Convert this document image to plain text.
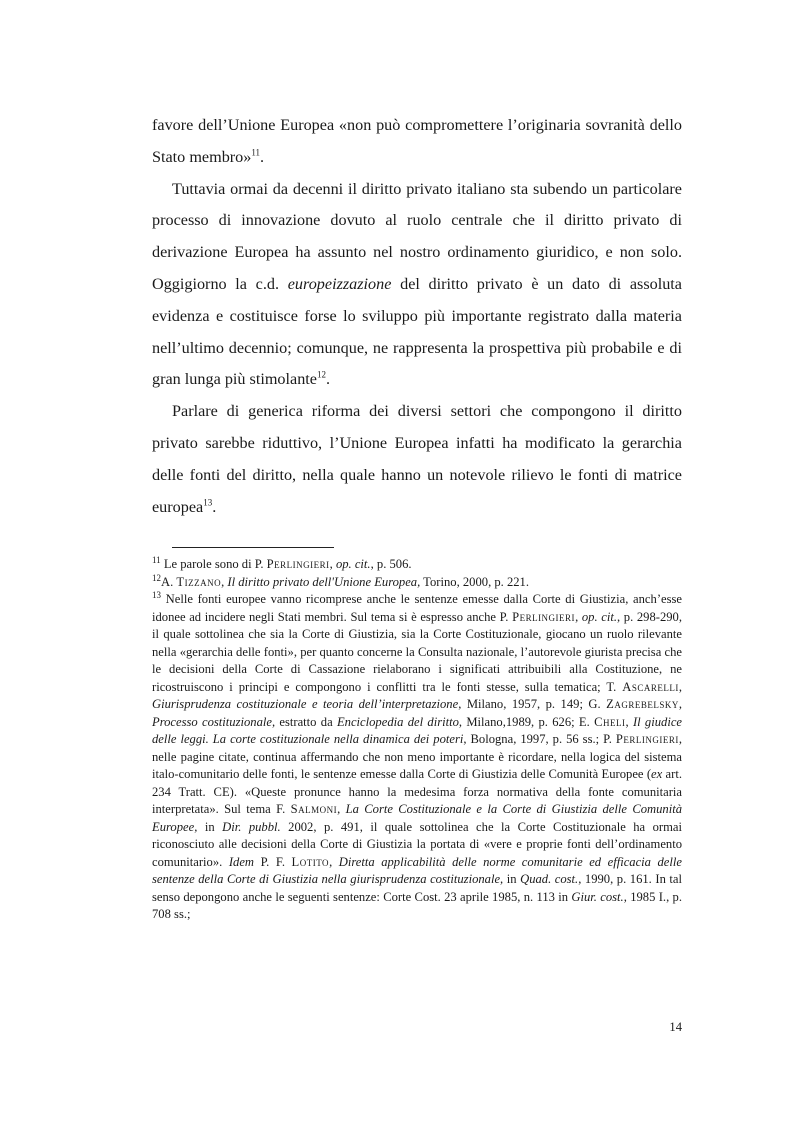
favore dell’Unione Europea «non può compromettere l’originaria sovranità dello Stato membro»$^{11}$.

Tuttavia ormai da decenni il diritto privato italiano sta subendo un particolare processo di innovazione dovuto al ruolo centrale che il diritto privato di derivazione Europea ha assunto nel nostro ordinamento giuridico, e non solo. Oggigiorno la c.d. europeizzazione del diritto privato è un dato di assoluta evidenza e costituisce forse lo sviluppo più importante registrato dalla materia nell’ultimo decennio; comunque, ne rappresenta la prospettiva più probabile e di gran lunga più stimolante$^{12}$.

Parlare di generica riforma dei diversi settori che compongono il diritto privato sarebbe riduttivo, l’Unione Europea infatti ha modificato la gerarchia delle fonti del diritto, nella quale hanno un notevole rilievo le fonti di matrice europea$^{13}$.

$^{11}$ Le parole sono di P. Perlingieri, op. cit., p. 506.

$^{12}$A. Tizzano, Il diritto privato dell'Unione Europea, Torino, 2000, p. 221.

$^{13}$ Nelle fonti europee vanno ricomprese anche le sentenze emesse dalla Corte di Giustizia, anch’esse idonee ad incidere negli Stati membri. Sul tema si è espresso anche P. Perlingieri, op. cit., p. 298-290, il quale sottolinea che sia la Corte di Giustizia, sia la Corte Costituzionale, giocano un ruolo rilevante nella «gerarchia delle fonti», per quanto concerne la Consulta nazionale, l’autorevole giurista precisa che le decisioni della Corte di Cassazione rielaborano i significati attribuibili alla Costituzione, ne ricostruiscono i principi e compongono i conflitti tra le fonti stesse, sulla tematica; T. Ascarelli, Giurisprudenza costituzionale e teoria dell’interpretazione, Milano, 1957, p. 149; G. Zagrebelsky, Processo costituzionale, estratto da Enciclopedia del diritto, Milano,1989, p. 626; E. Cheli, Il giudice delle leggi. La corte costituzionale nella dinamica dei poteri, Bologna, 1997, p. 56 ss.; P. Perlingieri, nelle pagine citate, continua affermando che non meno importante è ricordare, nella logica del sistema italo-comunitario delle fonti, le sentenze emesse dalla Corte di Giustizia delle Comunità Europee (ex art. 234 Tratt. CE). «Queste pronunce hanno la medesima forza normativa della fonte comunitaria interpretata». Sul tema F. Salmoni, La Corte Costituzionale e la Corte di Giustizia delle Comunità Europee, in Dir. pubbl. 2002, p. 491, il quale sottolinea che la Corte Costituzionale ha ormai riconosciuto alle decisioni della Corte di Giustizia la portata di «vere e proprie fonti dell’ordinamento comunitario». Idem P. F. Lotito, Diretta applicabilità delle norme comunitarie ed efficacia delle sentenze della Corte di Giustizia nella giurisprudenza costituzionale, in Quad. cost., 1990, p. 161. In tal senso depongono anche le seguenti sentenze: Corte Cost. 23 aprile 1985, n. 113 in Giur. cost., 1985 I., p. 708 ss.;

14
